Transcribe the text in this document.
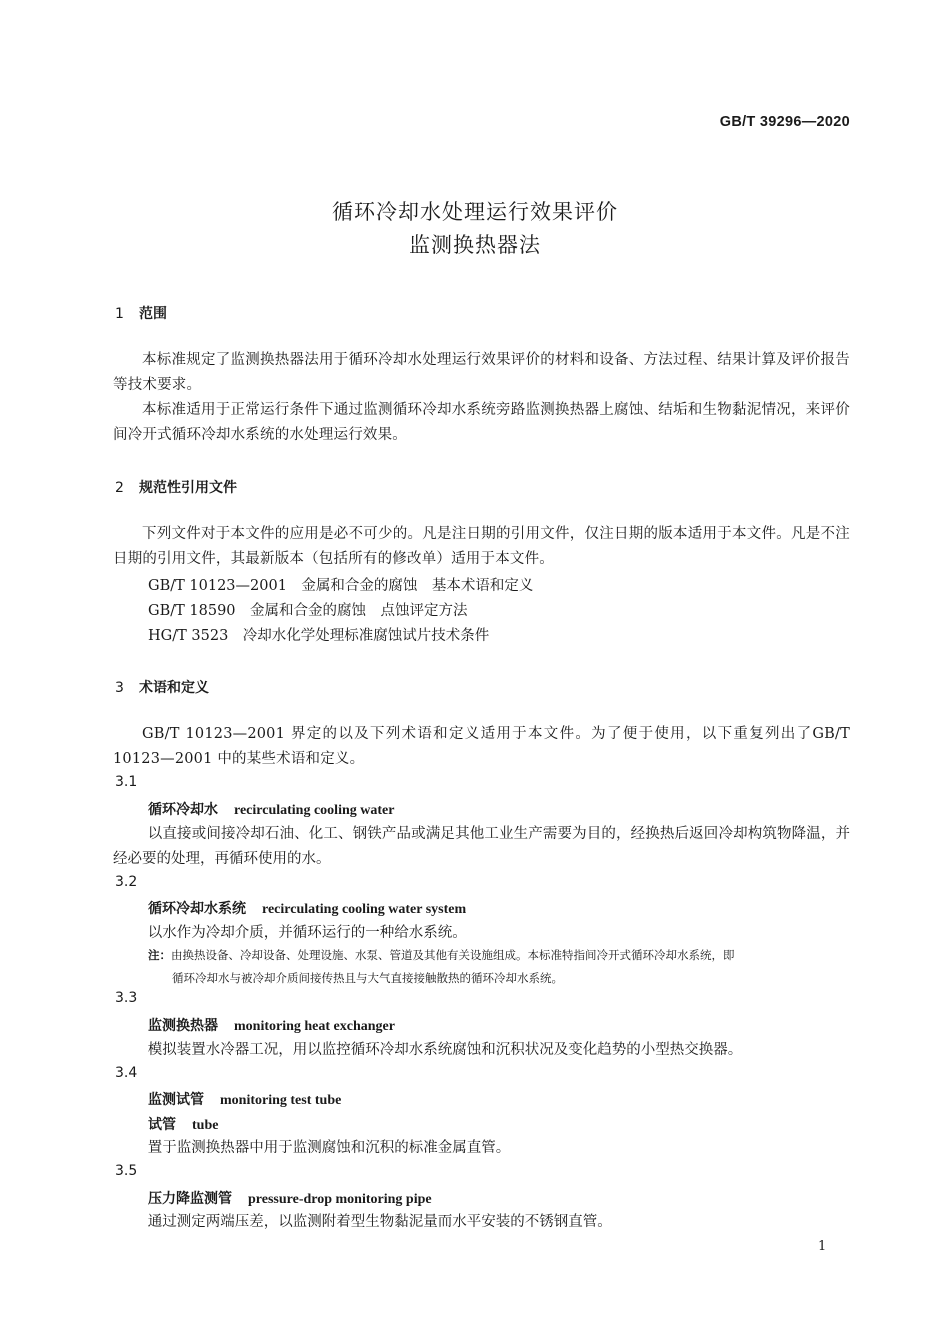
GB/T 39296—2020
循环冷却水处理运行效果评价
监测换热器法
1 范围
本标准规定了监测换热器法用于循环冷却水处理运行效果评价的材料和设备、方法过程、结果计算及评价报告等技术要求。
本标准适用于正常运行条件下通过监测循环冷却水系统旁路监测换热器上腐蚀、结垢和生物黏泥情况，来评价间冷开式循环冷却水系统的水处理运行效果。
2 规范性引用文件
下列文件对于本文件的应用是必不可少的。凡是注日期的引用文件，仅注日期的版本适用于本文件。凡是不注日期的引用文件，其最新版本（包括所有的修改单）适用于本文件。
GB/T 10123—2001　金属和合金的腐蚀　基本术语和定义
GB/T 18590　金属和合金的腐蚀　点蚀评定方法
HG/T 3523　冷却水化学处理标准腐蚀试片技术条件
3 术语和定义
GB/T 10123—2001 界定的以及下列术语和定义适用于本文件。为了便于使用，以下重复列出了GB/T 10123—2001 中的某些术语和定义。
3.1
循环冷却水 recirculating cooling water
以直接或间接冷却石油、化工、钢铁产品或满足其他工业生产需要为目的，经换热后返回冷却构筑物降温，并经必要的处理，再循环使用的水。
3.2
循环冷却水系统 recirculating cooling water system
以水作为冷却介质，并循环运行的一种给水系统。
注：由换热设备、冷却设备、处理设施、水泵、管道及其他有关设施组成。本标准特指间冷开式循环冷却水系统，即
循环冷却水与被冷却介质间接传热且与大气直接接触散热的循环冷却水系统。
3.3
监测换热器 monitoring heat exchanger
模拟装置水冷器工况，用以监控循环冷却水系统腐蚀和沉积状况及变化趋势的小型热交换器。
3.4
监测试管 monitoring test tube
试管 tube
置于监测换热器中用于监测腐蚀和沉积的标准金属直管。
3.5
压力降监测管 pressure-drop monitoring pipe
通过测定两端压差，以监测附着型生物黏泥量而水平安装的不锈钢直管。
1
